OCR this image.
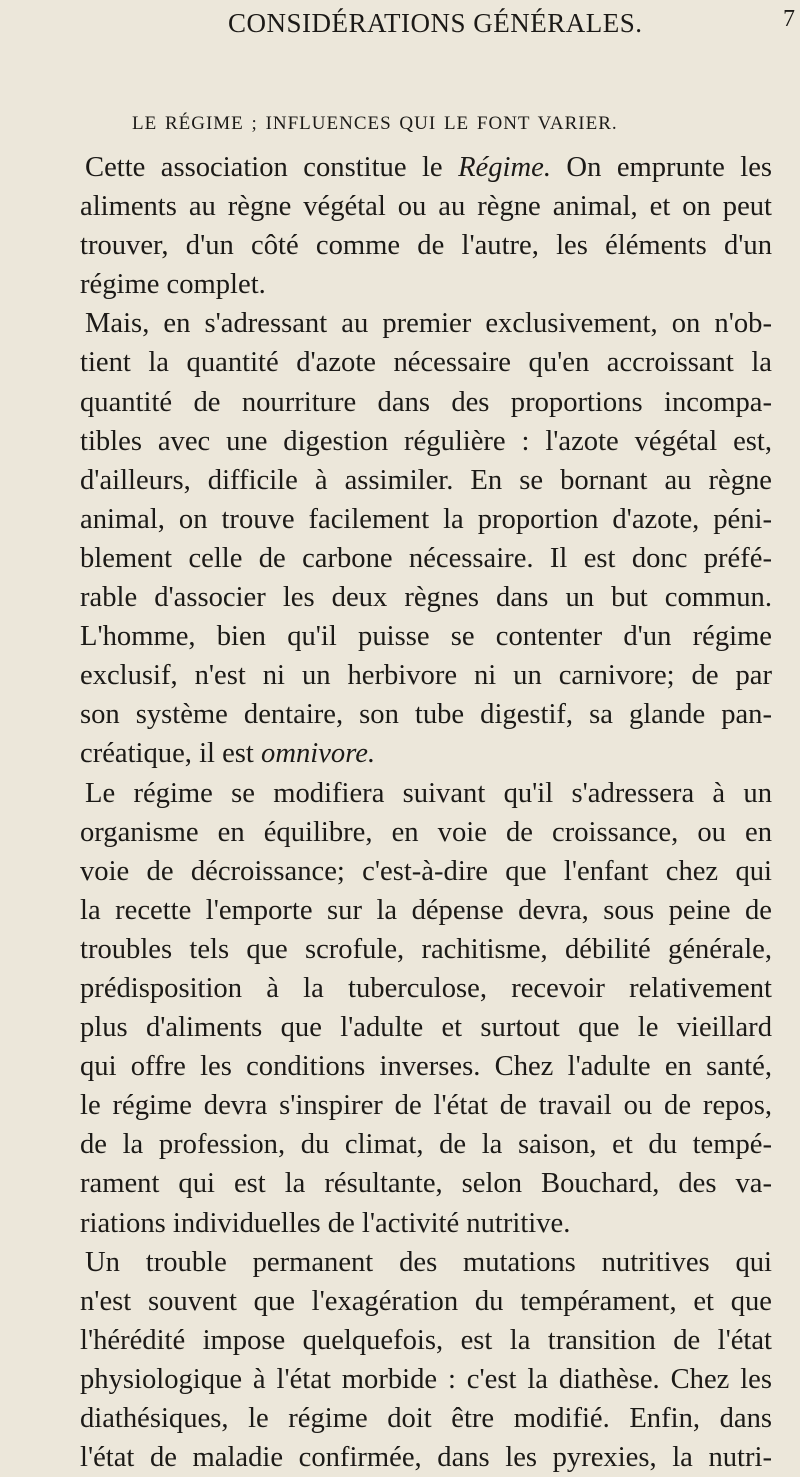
CONSIDÉRATIONS GÉNÉRALES.	7
LE RÉGIME ; INFLUENCES QUI LE FONT VARIER.
Cette association constitue le Régime. On emprunte les
aliments au règne végétal ou au règne animal, et on peut
trouver, d'un côté comme de l'autre, les éléments d'un
régime complet.
Mais, en s'adressant au premier exclusivement, on n'ob-
tient la quantité d'azote nécessaire qu'en accroissant la
quantité de nourriture dans des proportions incompa-
tibles avec une digestion régulière : l'azote végétal est,
d'ailleurs, difficile à assimiler. En se bornant au règne
animal, on trouve facilement la proportion d'azote, péni-
blement celle de carbone nécessaire. Il est donc préfé-
rable d'associer les deux règnes dans un but commun.
L'homme, bien qu'il puisse se contenter d'un régime
exclusif, n'est ni un herbivore ni un carnivore; de par
son système dentaire, son tube digestif, sa glande pan-
créatique, il est omnivore.
Le régime se modifiera suivant qu'il s'adressera à un
organisme en équilibre, en voie de croissance, ou en
voie de décroissance; c'est-à-dire que l'enfant chez qui
la recette l'emporte sur la dépense devra, sous peine de
troubles tels que scrofule, rachitisme, débilité générale,
prédisposition à la tuberculose, recevoir relativement
plus d'aliments que l'adulte et surtout que le vieillard
qui offre les conditions inverses. Chez l'adulte en santé,
le régime devra s'inspirer de l'état de travail ou de repos,
de la profession, du climat, de la saison, et du tempé-
rament qui est la résultante, selon Bouchard, des va-
riations individuelles de l'activité nutritive.
Un trouble permanent des mutations nutritives qui
n'est souvent que l'exagération du tempérament, et que
l'hérédité impose quelquefois, est la transition de l'état
physiologique à l'état morbide : c'est la diathèse. Chez les
diathésiques, le régime doit être modifié. Enfin, dans
l'état de maladie confirmée, dans les pyrexies, la nutri-
